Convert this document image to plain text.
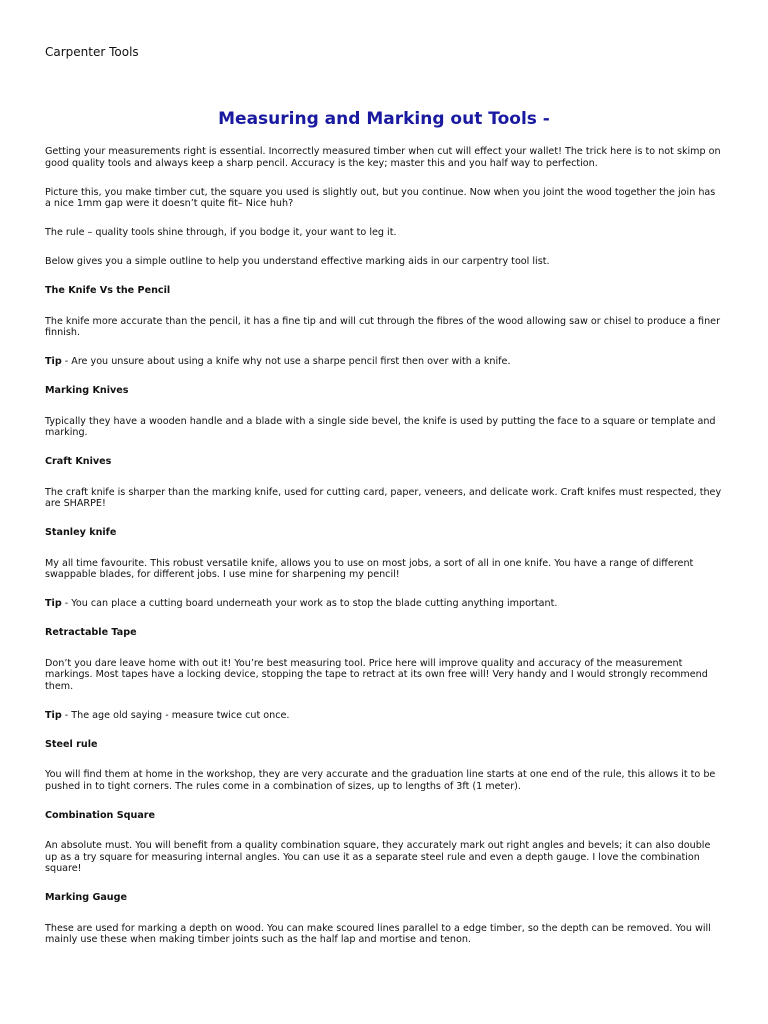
Carpenter Tools
Measuring and Marking out Tools -

Getting your measurements right is essential. Incorrectly measured timber when cut will effect your wallet! The trick here is to not skimp on good quality tools and always keep a sharp pencil. Accuracy is the key; master this and you half way to perfection.

Picture this, you make timber cut, the square you used is slightly out, but you continue. Now when you joint the wood together the join has a nice 1mm gap were it doesn’t quite fit– Nice huh?

The rule – quality tools shine through, if you bodge it, your want to leg it.

Below gives you a simple outline to help you understand effective marking aids in our carpentry tool list.

The Knife Vs the Pencil

The knife more accurate than the pencil, it has a fine tip and will cut through the fibres of the wood allowing saw or chisel to produce a finer finnish.

Tip - Are you unsure about using a knife why not use a sharpe pencil first then over with a knife.

Marking Knives

Typically they have a wooden handle and a blade with a single side bevel, the knife is used by putting the face to a square or template and marking.

Craft Knives

The craft knife is sharper than the marking knife, used for cutting card, paper, veneers, and delicate work. Craft knifes must respected, they are SHARPE!

Stanley knife

My all time favourite. This robust versatile knife, allows you to use on most jobs, a sort of all in one knife. You have a range of different swappable blades, for different jobs. I use mine for sharpening my pencil!

Tip - You can place a cutting board underneath your work as to stop the blade cutting anything important.

Retractable Tape

Don’t you dare leave home with out it! You’re best measuring tool. Price here will improve quality and accuracy of the measurement markings. Most tapes have a locking device, stopping the tape to retract at its own free will! Very handy and I would strongly recommend them.

Tip - The age old saying - measure twice cut once.

Steel rule

You will find them at home in the workshop, they are very accurate and the graduation line starts at one end of the rule, this allows it to be pushed in to tight corners. The rules come in a combination of sizes, up to lengths of 3ft (1 meter).

Combination Square

An absolute must. You will benefit from a quality combination square, they accurately mark out right angles and bevels; it can also double up as a try square for measuring internal angles. You can use it as a separate steel rule and even a depth gauge. I love the combination square!

Marking Gauge

These are used for marking a depth on wood. You can make scoured lines parallel to a edge timber, so the depth can be removed. You will mainly use these when making timber joints such as the half lap and mortise and tenon.
